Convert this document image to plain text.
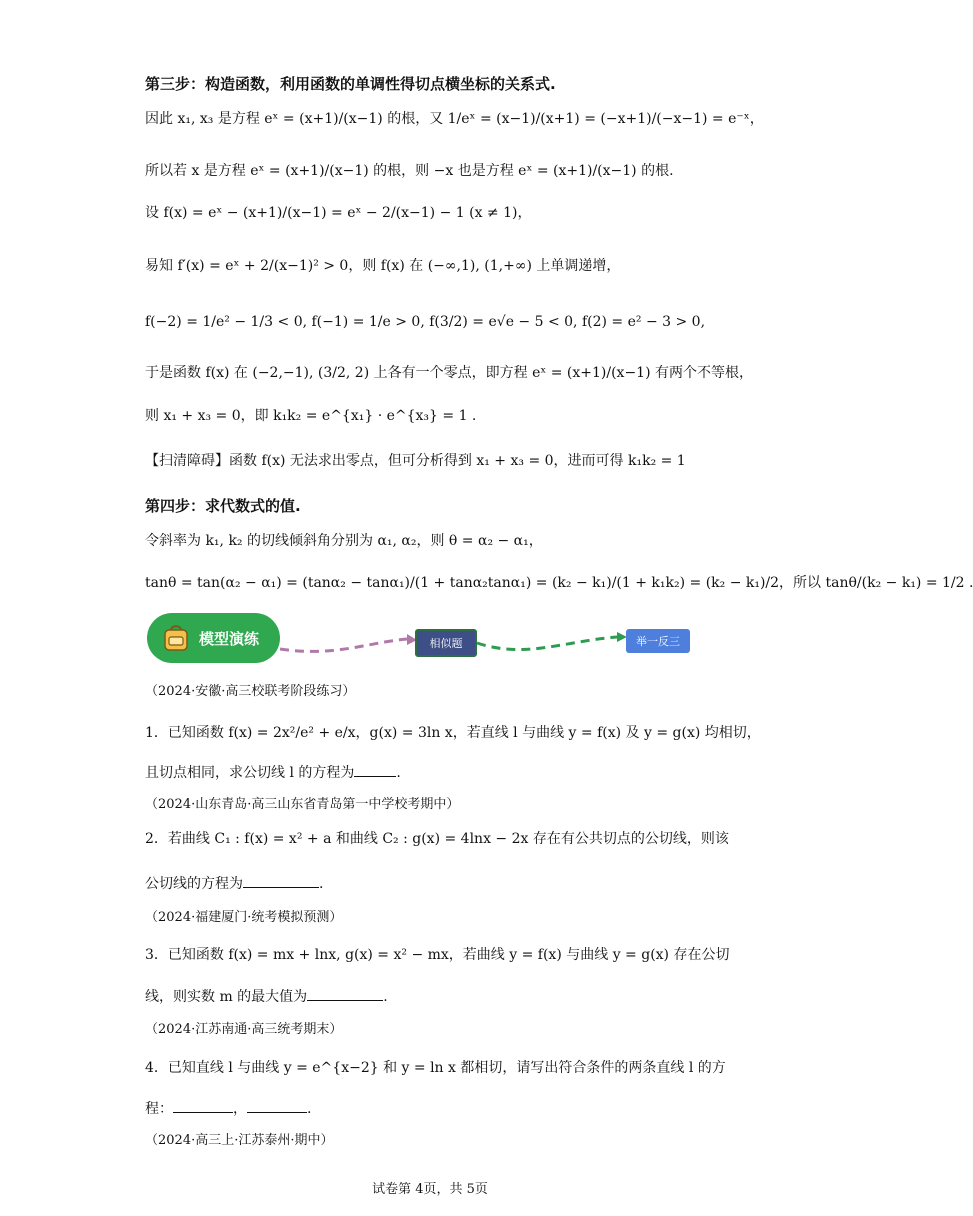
第三步：构造函数，利用函数的单调性得切点横坐标的关系式.
因此 x₁, x₃ 是方程 eˣ = (x+1)/(x−1) 的根，又 1/eˣ = (x−1)/(x+1) = (−x+1)/(−x−1) = e⁻ˣ，
所以若 x 是方程 eˣ = (x+1)/(x−1) 的根，则 −x 也是方程 eˣ = (x+1)/(x−1) 的根.
设 f(x) = eˣ − (x+1)/(x−1) = eˣ − 2/(x−1) − 1 (x ≠ 1)，
易知 f′(x) = eˣ + 2/(x−1)² > 0，则 f(x) 在 (−∞,1), (1,+∞) 上单调递增，
f(−2) = 1/e² − 1/3 < 0, f(−1) = 1/e > 0, f(3/2) = e√e − 5 < 0, f(2) = e² − 3 > 0,
于是函数 f(x) 在 (−2,−1), (3/2, 2) 上各有一个零点，即方程 eˣ = (x+1)/(x−1) 有两个不等根，
则 x₁ + x₃ = 0，即 k₁k₂ = e^{x₁} · e^{x₃} = 1 .
【扫清障碍】函数 f(x) 无法求出零点，但可分析得到 x₁ + x₃ = 0，进而可得 k₁k₂ = 1
第四步：求代数式的值.
令斜率为 k₁, k₂ 的切线倾斜角分别为 α₁, α₂，则 θ = α₂ − α₁，
tanθ = tan(α₂ − α₁) = (tanα₂ − tanα₁)/(1 + tanα₂tanα₁) = (k₂ − k₁)/(1 + k₁k₂) = (k₂ − k₁)/2，所以 tanθ/(k₂ − k₁) = 1/2 .
模型演练	相似题	举一反三
（2024·安徽·高三校联考阶段练习）
1．已知函数 f(x) = 2x²/e² + e/x，g(x) = 3ln x，若直线 l 与曲线 y = f(x) 及 y = g(x) 均相切，
且切点相同，求公切线 l 的方程为	.
（2024·山东青岛·高三山东省青岛第一中学校考期中）
2．若曲线 C₁ : f(x) = x² + a 和曲线 C₂ : g(x) = 4lnx − 2x 存在有公共切点的公切线，则该
公切线的方程为	.
（2024·福建厦门·统考模拟预测）
3．已知函数 f(x) = mx + lnx, g(x) = x² − mx，若曲线 y = f(x) 与曲线 y = g(x) 存在公切
线，则实数 m 的最大值为	.
（2024·江苏南通·高三统考期末）
4．已知直线 l 与曲线 y = e^{x−2} 和 y = ln x 都相切，请写出符合条件的两条直线 l 的方
程：	，	.
（2024·高三上·江苏泰州·期中）
试卷第 4页，共 5页
